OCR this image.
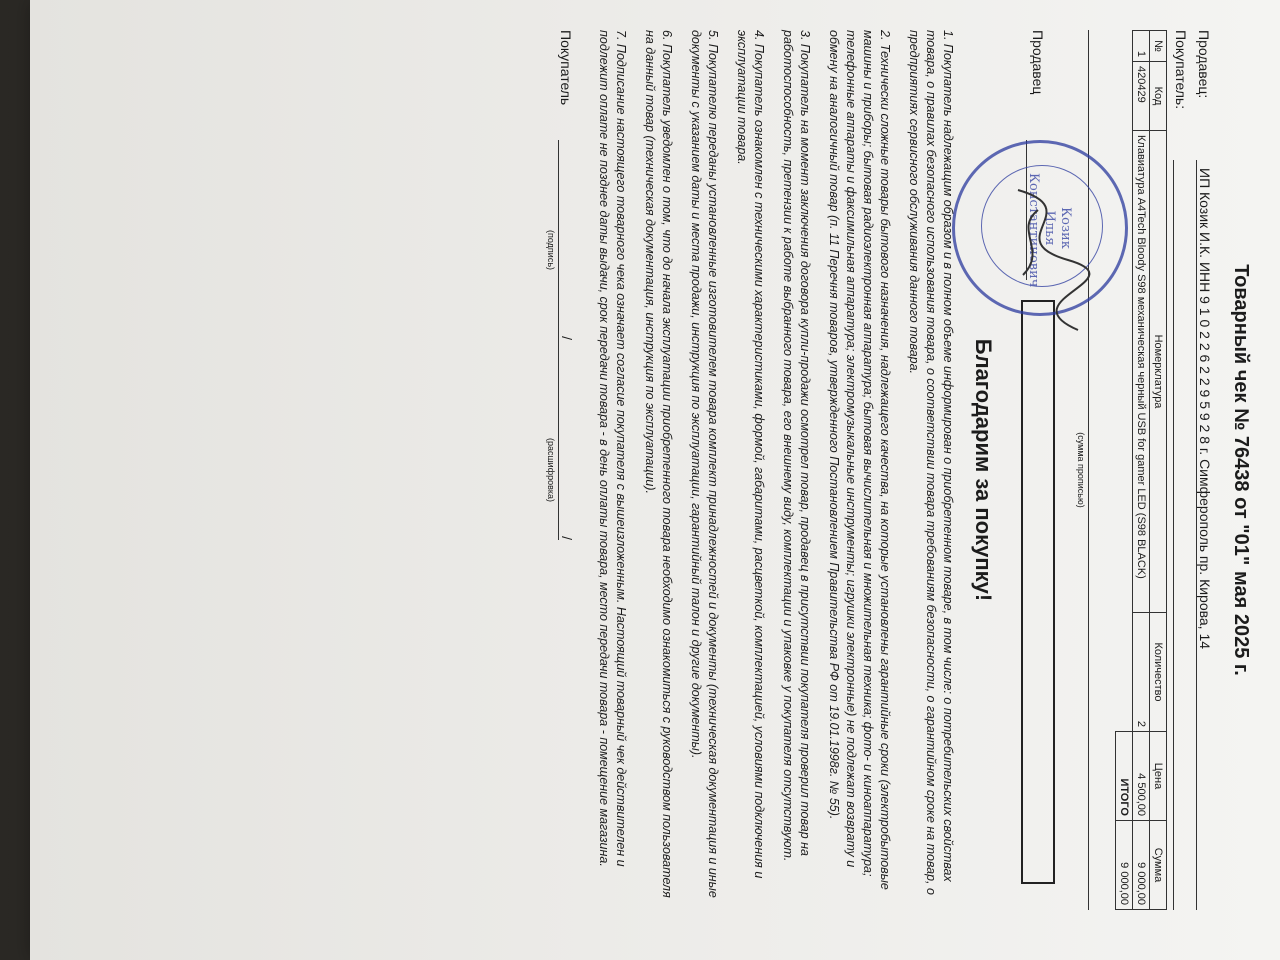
Товарный чек № 76438 от "01" мая 2025 г.
Продавец:
ИП Козик И.К. ИНН 9 1 0 2 2 6 2 2 9 5 9 2 8 г. Симферополь пр. Кирова, 14
Покупатель:

№	Код	Номерклатура	Количество	Цена	Сумма
1	420429	Клавиатура A4Tech Bloody S98 механическая черный USB for gamer LED (S98 BLACK)	2	4 500,00	9 000,00
				ИТОГО	9 000,00
(сумма прописью)
Продавец
Козик
Илья
Константинович
Благодарим за покупку!

1. Покупатель надлежащим образом и в полном объеме информирован о приобретенном товаре, в том числе: о потребительских свойствах товара, о правилах безопасного использования товара, о соответствии товара требованиям безопасности, о гарантийном сроке на товар, о предприятиях сервисного обслуживания данного товара.

2. Технически сложные товары бытового назначения, надлежащего качества, на которые установлены гарантийные сроки (электробытовые машины и приборы; бытовая радиоэлектронная аппаратура; бытовая вычислительная и множительная техника; фото- и киноаппаратура; телефонные аппараты и факсимильная аппаратура; электромузыкальные инструменты; игрушки электронные) не подлежат возврату и обмену на аналогичный товар (п. 11 Перечня товаров, утвержденного Постановлением Правительства РФ от 19.01.1998г. № 55).

3. Покупатель на момент заключения договора купли-продажи осмотрел товар, продавец в присутствии покупателя проверил товар на работоспособность, претензии к работе выбранного товара, его внешнему виду, комплектации и упаковке у покупателя отсутствуют.

4. Покупатель ознакомлен с техническими характеристиками, формой, габаритами, расцветкой, комплектацией, условиями подключения и эксплуатации товара.

5. Покупателю переданы установленные изготовителем товара комплект принадлежностей и документы (техническая документация и иные документы с указанием даты и места продажи, инструкция по эксплуатации, гарантийный талон и другие документы).

6. Покупатель уведомлен о том, что до начала эксплуатации приобретенного товара необходимо ознакомиться с руководством пользователя на данный товар (техническая документация, инструкция по эксплуатации).

7. Подписание настоящего товарного чека означает согласие покупателя с вышеизложенным. Настоящий товарный чек действителен и подлежит оплате не позднее даты выдачи, срок передачи товара - в день оплаты товара, место передачи товара - помещение магазина.

Покупатель
/
/
(подпись)
(расшифровка)
